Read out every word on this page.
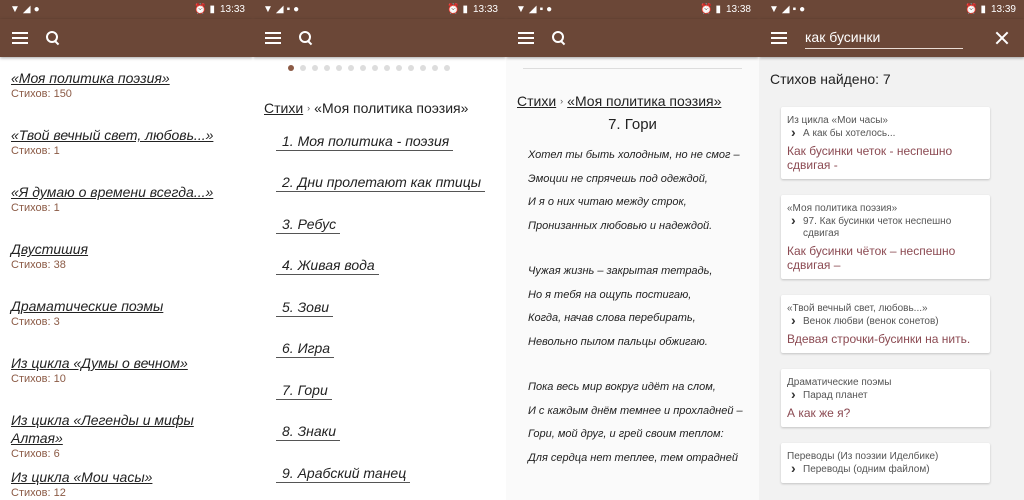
▼ ◢ ●	⏰ ▮ 13:33
«Моя политика поэзия»
Стихов: 150
«Твой вечный свет, любовь...»
Стихов: 1
«Я думаю о времени всегда...»
Стихов: 1
Двустишия
Стихов: 38
Драматические поэмы
Стихов: 3
Из цикла «Думы о вечном»
Стихов: 10
Из цикла «Легенды и мифы Алтая»
Стихов: 6
Из цикла «Мои часы»
Стихов: 12
▼ ◢ ▪ ●	⏰ ▮ 13:33
Стихи › «Моя политика поэзия»
1. Моя политика - поэзия
2. Дни пролетают как птицы
3. Ребус
4. Живая вода
5. Зови
6. Игра
7. Гори
8. Знаки
9. Арабский танец
▼ ◢ ▪ ●	⏰ ▮ 13:38
Стихи › «Моя политика поэзия»
7. Гори
Хотел ты быть холодным, но не смог –
Эмоции не спрячешь под одеждой,
И я о них читаю между строк,
Пронизанных любовью и надеждой.
Чужая жизнь – закрытая тетрадь,
Но я тебя на ощупь постигаю,
Когда, начав слова перебирать,
Невольно пылом пальцы обжигаю.
Пока весь мир вокруг идёт на слом,
И с каждым днём темнее и прохладней –
Гори, мой друг, и грей своим теплом:
Для сердца нет теплее, тем отрадней
▼ ◢ ▪ ●	⏰ ▮ 13:39
как бусинки
Стихов найдено: 7
Из цикла «Мои часы»
› А как бы хотелось...
Как бусинки четок - неспешно сдвигая -
«Моя политика поэзия»
› 97. Как бусинки четок неспешно сдвигая
Как бусинки чёток – неспешно сдвигая –
«Твой вечный свет, любовь...»
› Венок любви (венок сонетов)
Вдевая строчки-бусинки на нить.
Драматические поэмы
› Парад планет
А как же я?
Переводы (Из поэзии Иделбике)
› Переводы (одним файлом)
